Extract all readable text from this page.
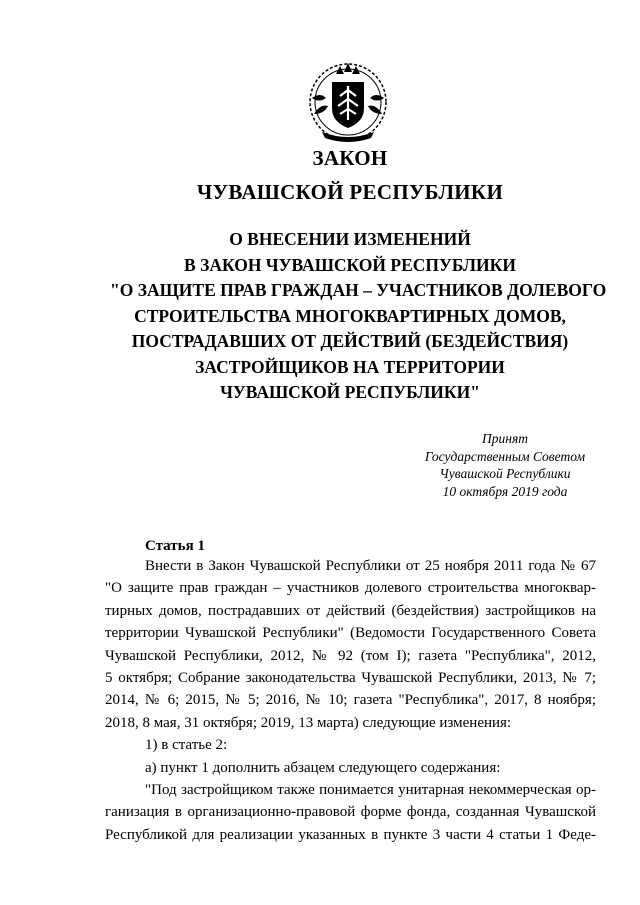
ЗАКОН
ЧУВАШСКОЙ РЕСПУБЛИКИ
О ВНЕСЕНИИ ИЗМЕНЕНИЙ
В ЗАКОН ЧУВАШСКОЙ РЕСПУБЛИКИ
"О ЗАЩИТЕ ПРАВ ГРАЖДАН – УЧАСТНИКОВ ДОЛЕВОГО
СТРОИТЕЛЬСТВА МНОГОКВАРТИРНЫХ ДОМОВ,
ПОСТРАДАВШИХ ОТ ДЕЙСТВИЙ (БЕЗДЕЙСТВИЯ)
ЗАСТРОЙЩИКОВ НА ТЕРРИТОРИИ
ЧУВАШСКОЙ РЕСПУБЛИКИ"
Принят
Государственным Советом
Чувашской Республики
10 октября 2019 года
Статья 1
Внести в Закон Чувашской Республики от 25 ноября 2011 года № 67
"О защите прав граждан – участников долевого строительства многоквар-
тирных домов, пострадавших от действий (бездействия) застройщиков на
территории Чувашской Республики" (Ведомости Государственного Совета
Чувашской Республики, 2012, № 92 (том I); газета "Республика", 2012,
5 октября; Собрание законодательства Чувашской Республики, 2013, № 7;
2014, № 6; 2015, № 5; 2016, № 10; газета "Республика", 2017, 8 ноября;
2018, 8 мая, 31 октября; 2019, 13 марта) следующие изменения:
1) в статье 2:
а) пункт 1 дополнить абзацем следующего содержания:
"Под застройщиком также понимается унитарная некоммерческая ор-
ганизация в организационно-правовой форме фонда, созданная Чувашской
Республикой для реализации указанных в пункте 3 части 4 статьи 1 Феде-
